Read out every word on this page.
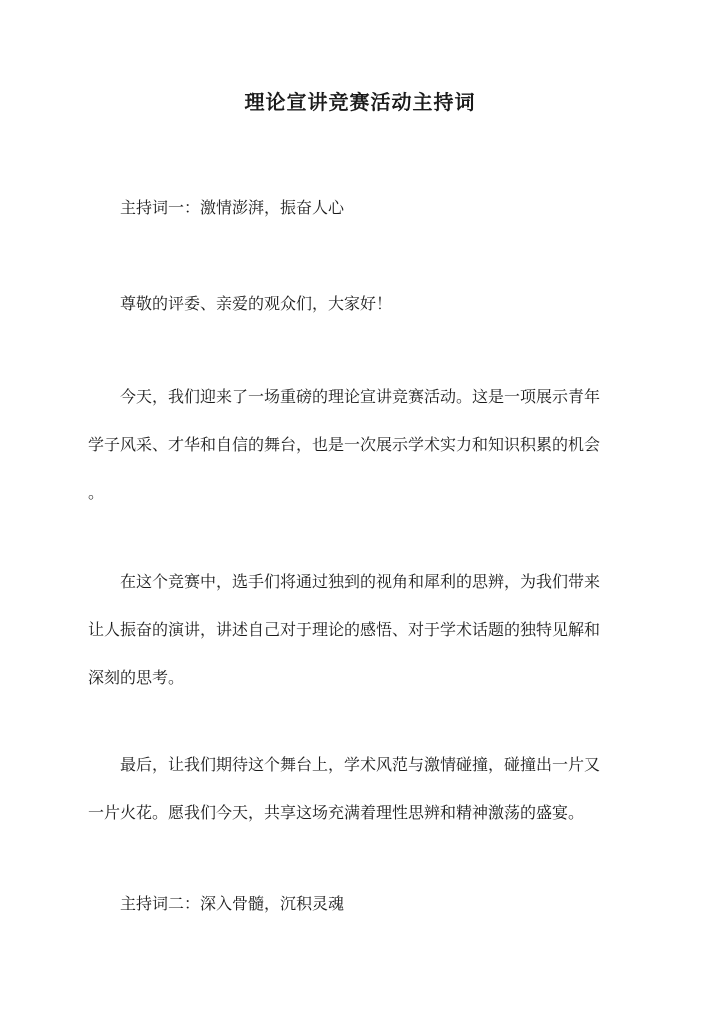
理论宣讲竞赛活动主持词

主持词一：激情澎湃，振奋人心

尊敬的评委、亲爱的观众们，大家好！

今天，我们迎来了一场重磅的理论宣讲竞赛活动。这是一项展示青年
学子风采、才华和自信的舞台，也是一次展示学术实力和知识积累的机会
。
在这个竞赛中，选手们将通过独到的视角和犀利的思辨，为我们带来
让人振奋的演讲，讲述自己对于理论的感悟、对于学术话题的独特见解和
深刻的思考。
最后，让我们期待这个舞台上，学术风范与激情碰撞，碰撞出一片又
一片火花。愿我们今天，共享这场充满着理性思辨和精神激荡的盛宴。

主持词二：深入骨髓，沉积灵魂
